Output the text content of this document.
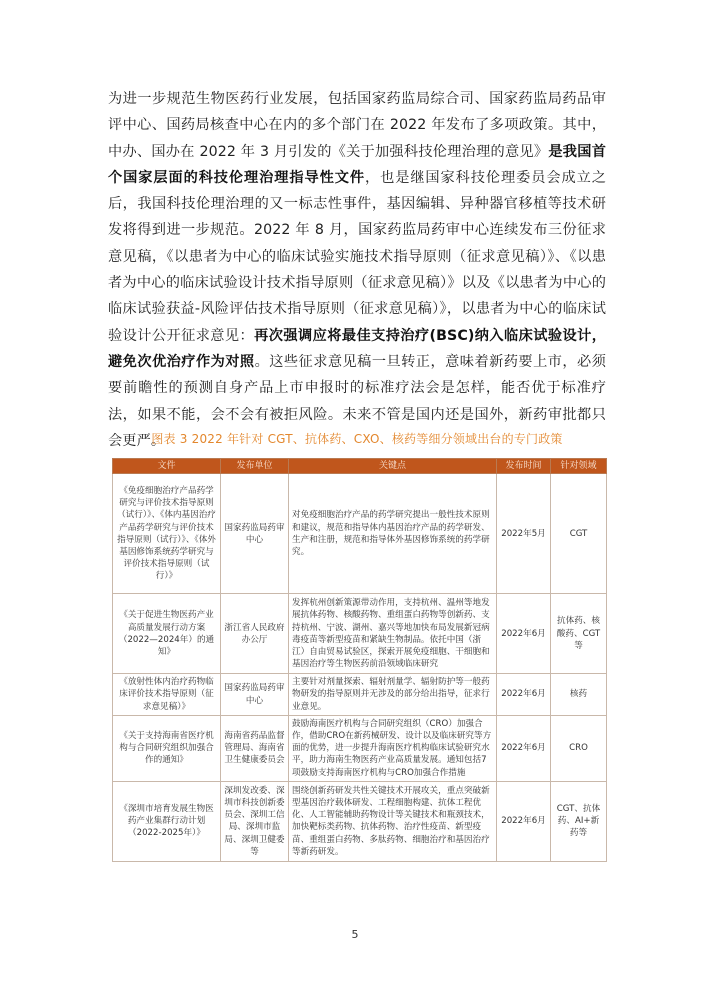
为进一步规范生物医药行业发展，包括国家药监局综合司、国家药监局药品审评中心、国药局核查中心在内的多个部门在 2022 年发布了多项政策。其中，中办、国办在 2022 年 3 月引发的《关于加强科技伦理治理的意见》是我国首个国家层面的科技伦理治理指导性文件，也是继国家科技伦理委员会成立之后，我国科技伦理治理的又一标志性事件，基因编辑、异种器官移植等技术研发将得到进一步规范。2022 年 8 月，国家药监局药审中心连续发布三份征求意见稿，《以患者为中心的临床试验实施技术指导原则（征求意见稿）》、《以患者为中心的临床试验设计技术指导原则（征求意见稿）》以及《以患者为中心的临床试验获益-风险评估技术指导原则（征求意见稿）》，以患者为中心的临床试验设计公开征求意见：再次强调应将最佳支持治疗(BSC)纳入临床试验设计，避免次优治疗作为对照。这些征求意见稿一旦转正，意味着新药要上市，必须要前瞻性的预测自身产品上市申报时的标准疗法会是怎样，能否优于标准疗法，如果不能，会不会有被拒风险。未来不管是国内还是国外，新药审批都只会更严。
图表 3 2022 年针对 CGT、抗体药、CXO、核药等细分领域出台的专门政策
文件	发布单位	关键点	发布时间	针对领域
《免疫细胞治疗产品药学研究与评价技术指导原则（试行）》、《体内基因治疗产品药学研究与评价技术指导原则（试行）》、《体外基因修饰系统药学研究与评价技术指导原则（试行）》	国家药监局药审中心	对免疫细胞治疗产品的药学研究提出一般性技术原则和建议，规范和指导体内基因治疗产品的药学研发、生产和注册，规范和指导体外基因修饰系统的药学研究。	2022年5月	CGT
《关于促进生物医药产业高质量发展行动方案（2022—2024年）的通知》	浙江省人民政府办公厅	发挥杭州创新策源带动作用，支持杭州、温州等地发展抗体药物、核酸药物、重组蛋白药物等创新药、支持杭州、宁波、湖州、嘉兴等地加快布局发展新冠病毒疫苗等新型疫苗和紧缺生物制品。依托中国（浙江）自由贸易试验区，探索开展免疫细胞、干细胞和基因治疗等生物医药前沿领域临床研究	2022年6月	抗体药、核酸药、CGT等
《放射性体内治疗药物临床评价技术指导原则（征求意见稿）》	国家药监局药审中心	主要针对剂量探索、辐射剂量学、辐射防护等一般药物研发的指导原则并无涉及的部分给出指导，征求行业意见。	2022年6月	核药
《关于支持海南省医疗机构与合同研究组织加强合作的通知》	海南省药品监督管理局、海南省卫生健康委员会	鼓励海南医疗机构与合同研究组织（CRO）加强合作，借助CRO在新药械研发、设计以及临床研究等方面的优势，进一步提升海南医疗机构临床试验研究水平，助力海南生物医药产业高质量发展。通知包括7项鼓励支持海南医疗机构与CRO加强合作措施	2022年6月	CRO
《深圳市培育发展生物医药产业集群行动计划（2022-2025年）》	深圳发改委、深圳市科技创新委员会、深圳工信局、深圳市监局、深圳卫健委等	围绕创新药研发共性关键技术开展攻关，重点突破新型基因治疗载体研发、工程细胞构建、抗体工程优化、人工智能辅助药物设计等关键技术和瓶颈技术，加快靶标类药物、抗体药物、治疗性疫苗、新型疫苗、重组蛋白药物、多肽药物、细胞治疗和基因治疗等新药研发。	2022年6月	CGT、抗体药、AI+新药等
5
